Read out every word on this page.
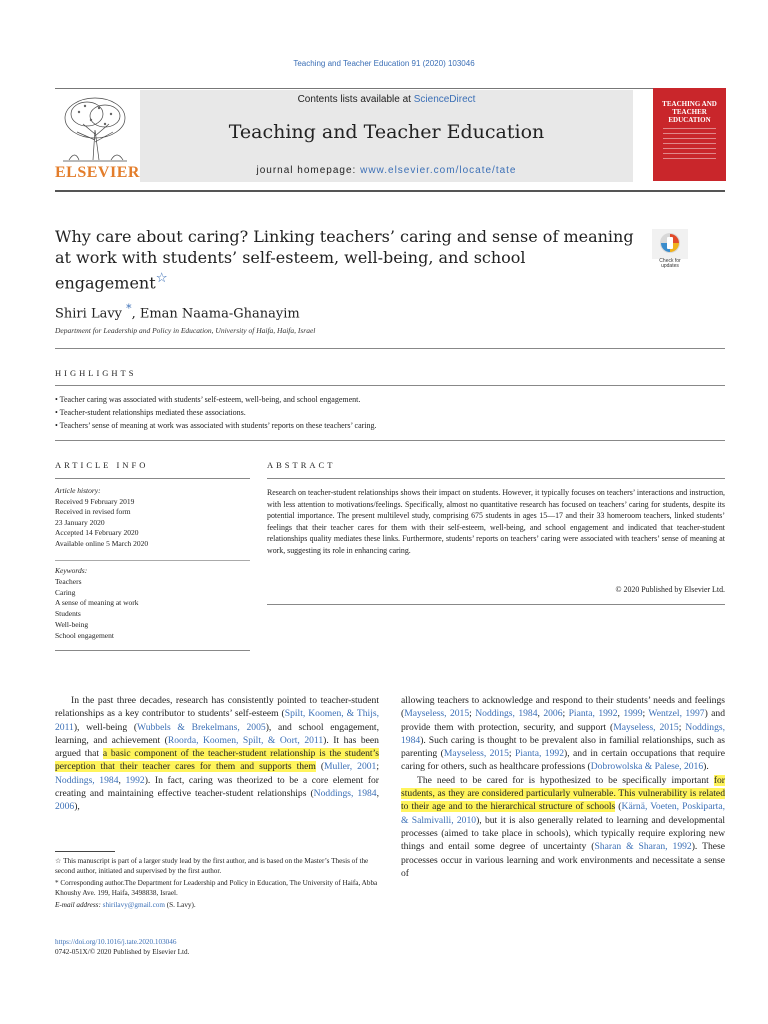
Teaching and Teacher Education 91 (2020) 103046
ELSEVIER
Contents lists available at ScienceDirect
Teaching and Teacher Education
journal homepage: www.elsevier.com/locate/tate
TEACHING AND TEACHER EDUCATION
Why care about caring? Linking teachers’ caring and sense of meaning at work with students’ self-esteem, well-being, and school engagement☆
Check for updates
Shiri Lavy *, Eman Naama-Ghanayim
Department for Leadership and Policy in Education, University of Haifa, Haifa, Israel
HIGHLIGHTS
• Teacher caring was associated with students’ self-esteem, well-being, and school engagement.
• Teacher-student relationships mediated these associations.
• Teachers’ sense of meaning at work was associated with students’ reports on these teachers’ caring.
ARTICLE INFO	ABSTRACT
Article history:
Received 9 February 2019
Received in revised form
23 January 2020
Accepted 14 February 2020
Available online 5 March 2020
Keywords:
Teachers
Caring
A sense of meaning at work
Students
Well-being
School engagement
Research on teacher-student relationships shows their impact on students. However, it typically focuses on teachers’ interactions and instruction, with less attention to motivations/feelings. Specifically, almost no quantitative research has focused on teachers’ caring for students, despite its potential importance. The present multilevel study, comprising 675 students in ages 15—17 and their 33 homeroom teachers, linked students’ feelings that their teacher cares for them with their self-esteem, well-being, and school engagement and indicated that teacher-student relationships quality mediates these links. Furthermore, students’ reports on teachers’ caring were associated with teachers’ sense of meaning at work, suggesting its role in enhancing caring.
© 2020 Published by Elsevier Ltd.

In the past three decades, research has consistently pointed to teacher-student relationships as a key contributor to students’ self-esteem (Spilt, Koomen, & Thijs, 2011), well-being (Wubbels & Brekelmans, 2005), and school engagement, learning, and achievement (Roorda, Koomen, Spilt, & Oort, 2011). It has been argued that a basic component of the teacher-student relationship is the student’s perception that their teacher cares for them and supports them (Muller, 2001; Noddings, 1984, 1992). In fact, caring was theorized to be a core element for creating and maintaining effective teacher-student relationships (Noddings, 1984, 2006),

allowing teachers to acknowledge and respond to their students’ needs and feelings (Mayseless, 2015; Noddings, 1984, 2006; Pianta, 1992, 1999; Wentzel, 1997) and provide them with protection, security, and support (Mayseless, 2015; Noddings, 1984). Such caring is thought to be prevalent also in familial relationships, such as parenting (Mayseless, 2015; Pianta, 1992), and in certain occupations that require caring for others, such as healthcare professions (Dobrowolska & Palese, 2016).

The need to be cared for is hypothesized to be specifically important for students, as they are considered particularly vulnerable. This vulnerability is related to their age and to the hierarchical structure of schools (Kärnä, Voeten, Poskiparta, & Salmivalli, 2010), but it is also generally related to learning and developmental processes (aimed to take place in schools), which typically require exploring new things and entail some degree of uncertainty (Sharan & Sharan, 1992). These processes occur in various learning and work environments and necessitate a sense of

☆ This manuscript is part of a larger study lead by the first author, and is based on the Master’s Thesis of the second author, initiated and supervised by the first author.

* Corresponding author.The Department for Leadership and Policy in Education, The University of Haifa, Abba Khoushy Ave. 199, Haifa, 3498838, Israel.

E-mail address: shirilavy@gmail.com (S. Lavy).

https://doi.org/10.1016/j.tate.2020.103046
0742-051X/© 2020 Published by Elsevier Ltd.
